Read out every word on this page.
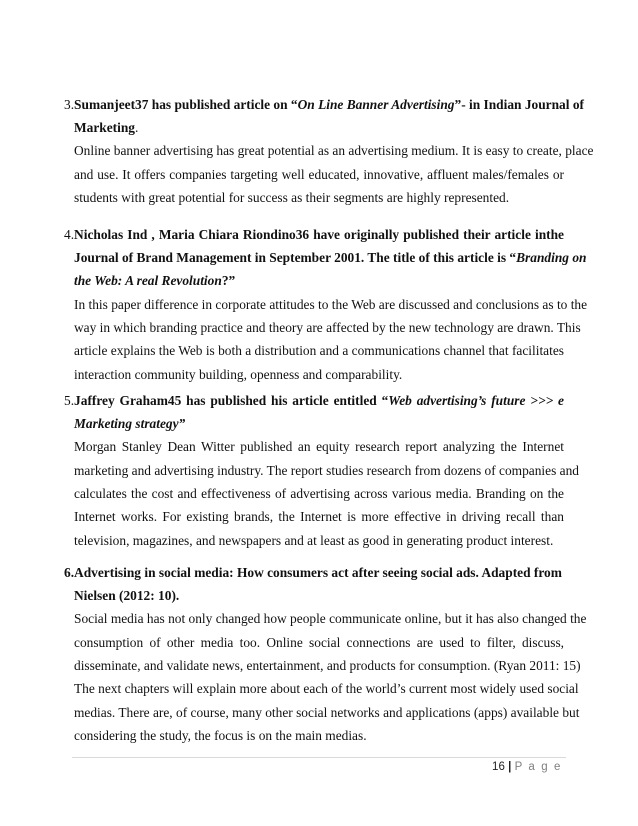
3.Sumanjeet37 has published article on “On Line Banner Advertising”- in Indian Journal of
Marketing.
Online banner advertising has great potential as an advertising medium. It is easy to create, place
and use. It offers companies targeting well educated, innovative, affluent males/females or
students with great potential for success as their segments are highly represented.
4.Nicholas Ind , Maria Chiara Riondino36 have originally published their article inthe
Journal of Brand Management in September 2001. The title of this article is “Branding on
the Web: A real Revolution?”
In this paper difference in corporate attitudes to the Web are discussed and conclusions as to the
way in which branding practice and theory are affected by the new technology are drawn. This
article explains the Web is both a distribution and a communications channel that facilitates
interaction community building, openness and comparability.
5.Jaffrey Graham45 has published his article entitled “Web advertising’s future >>> e
Marketing strategy”
Morgan Stanley Dean Witter published an equity research report analyzing the Internet
marketing and advertising industry. The report studies research from dozens of companies and
calculates the cost and effectiveness of advertising across various media. Branding on the
Internet works. For existing brands, the Internet is more effective in driving recall than
television, magazines, and newspapers and at least as good in generating product interest.
6.Advertising in social media: How consumers act after seeing social ads. Adapted from
Nielsen (2012: 10).
Social media has not only changed how people communicate online, but it has also changed the
consumption of other media too. Online social connections are used to filter, discuss,
disseminate, and validate news, entertainment, and products for consumption. (Ryan 2011: 15)
The next chapters will explain more about each of the world’s current most widely used social
medias. There are, of course, many other social networks and applications (apps) available but
considering the study, the focus is on the main medias.
16 | P a g e
